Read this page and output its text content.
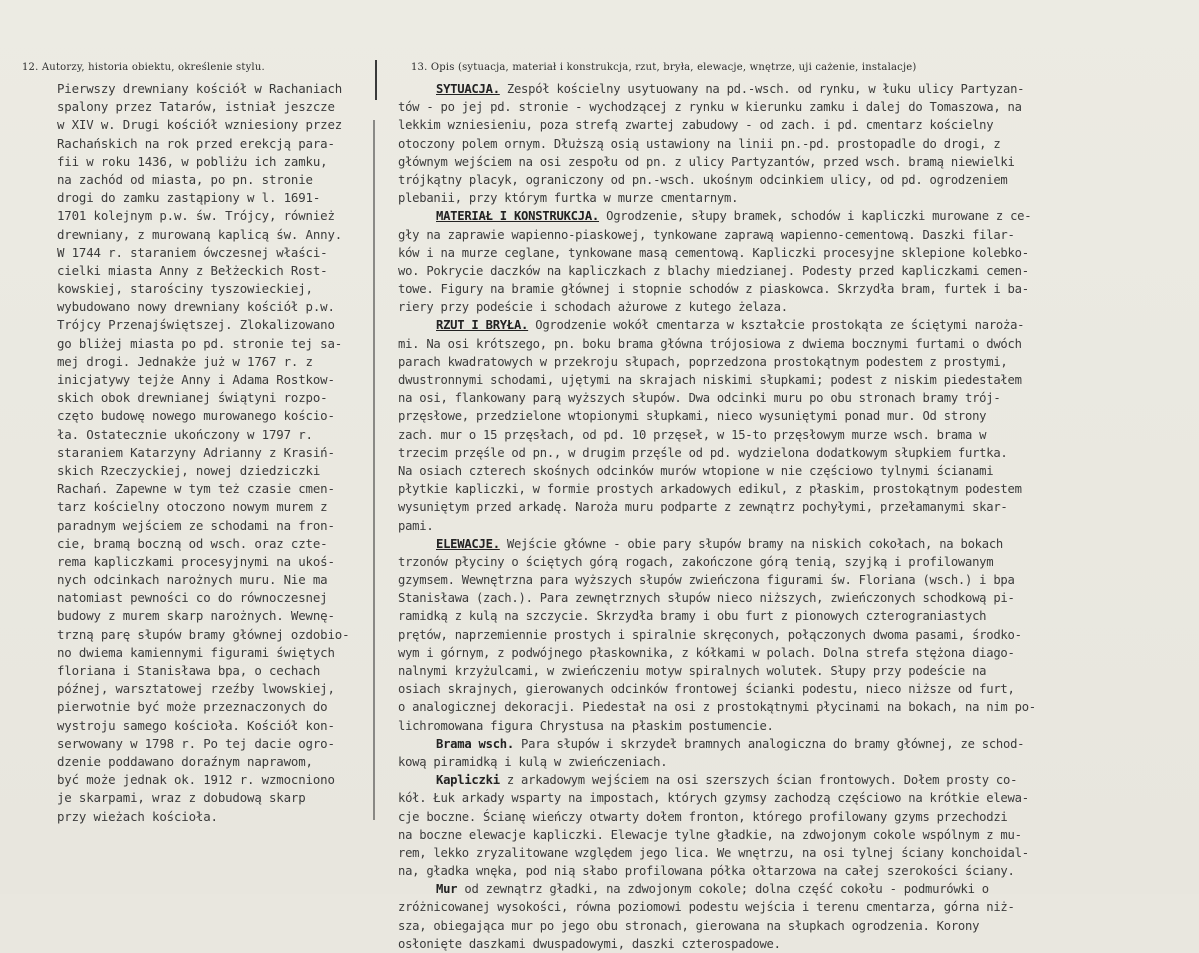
12. Autorzy, historia obiektu, określenie stylu.	13. Opis (sytuacja, materiał i konstrukcja, rzut, bryła, elewacje, wnętrze, uji cażenie, instalacje)
Pierwszy drewniany kościół w Rachaniach
spalony przez Tatarów, istniał jeszcze
w XIV w. Drugi kościół wzniesiony przez
Rachańskich na rok przed erekcją para-
fii w roku 1436, w pobliżu ich zamku,
na zachód od miasta, po pn. stronie
drogi do zamku zastąpiony w l. 1691-
1701 kolejnym p.w. św. Trójcy, również
drewniany, z murowaną kaplicą św. Anny.
W 1744 r. staraniem ówczesnej właści-
cielki miasta Anny z Bełżeckich Rost-
kowskiej, starościny tyszowieckiej,
wybudowano nowy drewniany kościół p.w.
Trójcy Przenajświętszej. Zlokalizowano
go bliżej miasta po pd. stronie tej sa-
mej drogi. Jednakże już w 1767 r. z
inicjatywy tejże Anny i Adama Rostkow-
skich obok drewnianej świątyni rozpo-
częto budowę nowego murowanego kościo-
ła. Ostatecznie ukończony w 1797 r.
staraniem Katarzyny Adrianny z Krasiń-
skich Rzeczyckiej, nowej dziedziczki
Rachań. Zapewne w tym też czasie cmen-
tarz kościelny otoczono nowym murem z
paradnym wejściem ze schodami na fron-
cie, bramą boczną od wsch. oraz czte-
rema kapliczkami procesyjnymi na ukoś-
nych odcinkach narożnych muru. Nie ma
natomiast pewności co do równoczesnej
budowy z murem skarp narożnych. Wewnę-
trzną parę słupów bramy głównej ozdobio-
no dwiema kamiennymi figurami świętych
floriana i Stanisława bpa, o cechach
późnej, warsztatowej rzeźby lwowskiej,
pierwotnie być może przeznaczonych do
wystroju samego kościoła. Kościół kon-
serwowany w 1798 r. Po tej dacie ogro-
dzenie poddawano doraźnym naprawom,
być może jednak ok. 1912 r. wzmocniono
je skarpami, wraz z dobudową skarp
przy wieżach kościoła.
SYTUACJA. Zespół kościelny usytuowany na pd.-wsch. od rynku, w łuku ulicy Partyzan-
tów - po jej pd. stronie - wychodzącej z rynku w kierunku zamku i dalej do Tomaszowa, na
lekkim wzniesieniu, poza strefą zwartej zabudowy - od zach. i pd. cmentarz kościelny
otoczony polem ornym. Dłuższą osią ustawiony na linii pn.-pd. prostopadle do drogi, z
głównym wejściem na osi zespołu od pn. z ulicy Partyzantów, przed wsch. bramą niewielki
trójkątny placyk, ograniczony od pn.-wsch. ukośnym odcinkiem ulicy, od pd. ogrodzeniem
plebanii, przy którym furtka w murze cmentarnym.
MATERIAŁ I KONSTRUKCJA. Ogrodzenie, słupy bramek, schodów i kapliczki murowane z ce-
gły na zaprawie wapienno-piaskowej, tynkowane zaprawą wapienno-cementową. Daszki filar-
ków i na murze ceglane, tynkowane masą cementową. Kapliczki procesyjne sklepione kolebko-
wo. Pokrycie daczków na kapliczkach z blachy miedzianej. Podesty przed kapliczkami cemen-
towe. Figury na bramie głównej i stopnie schodów z piaskowca. Skrzydła bram, furtek i ba-
riery przy podeście i schodach ażurowe z kutego żelaza.
RZUT I BRYŁA. Ogrodzenie wokół cmentarza w kształcie prostokąta ze ściętymi naroża-
mi. Na osi krótszego, pn. boku brama główna trójosiowa z dwiema bocznymi furtami o dwóch
parach kwadratowych w przekroju słupach, poprzedzona prostokątnym podestem z prostymi,
dwustronnymi schodami, ujętymi na skrajach niskimi słupkami; podest z niskim piedestałem
na osi, flankowany parą wyższych słupów. Dwa odcinki muru po obu stronach bramy trój-
przęsłowe, przedzielone wtopionymi słupkami, nieco wysuniętymi ponad mur. Od strony
zach. mur o 15 przęsłach, od pd. 10 przęseł, w 15-to przęsłowym murze wsch. brama w
trzecim przęśle od pn., w drugim przęśle od pd. wydzielona dodatkowym słupkiem furtka.
Na osiach czterech skośnych odcinków murów wtopione w nie częściowo tylnymi ścianami
płytkie kapliczki, w formie prostych arkadowych edikul, z płaskim, prostokątnym podestem
wysuniętym przed arkadę. Naroża muru podparte z zewnątrz pochyłymi, przełamanymi skar-
pami.
ELEWACJE. Wejście główne - obie pary słupów bramy na niskich cokołach, na bokach
trzonów płyciny o ściętych górą rogach, zakończone górą tenią, szyjką i profilowanym
gzymsem. Wewnętrzna para wyższych słupów zwieńczona figurami św. Floriana (wsch.) i bpa
Stanisława (zach.). Para zewnętrznych słupów nieco niższych, zwieńczonych schodkową pi-
ramidką z kulą na szczycie. Skrzydła bramy i obu furt z pionowych czterograniastych
prętów, naprzemiennie prostych i spiralnie skręconych, połączonych dwoma pasami, środko-
wym i górnym, z podwójnego płaskownika, z kółkami w polach. Dolna strefa stężona diago-
nalnymi krzyżulcami, w zwieńczeniu motyw spiralnych wolutek. Słupy przy podeście na
osiach skrajnych, gierowanych odcinków frontowej ścianki podestu, nieco niższe od furt,
o analogicznej dekoracji. Piedestał na osi z prostokątnymi płycinami na bokach, na nim po-
lichromowana figura Chrystusa na płaskim postumencie.
Brama wsch. Para słupów i skrzydeł bramnych analogiczna do bramy głównej, ze schod-
kową piramidką i kulą w zwieńczeniach.
Kapliczki z arkadowym wejściem na osi szerszych ścian frontowych. Dołem prosty co-
kół. Łuk arkady wsparty na impostach, których gzymsy zachodzą częściowo na krótkie elewa-
cje boczne. Ścianę wieńczy otwarty dołem fronton, którego profilowany gzyms przechodzi
na boczne elewacje kapliczki. Elewacje tylne gładkie, na zdwojonym cokole wspólnym z mu-
rem, lekko zryzalitowane względem jego lica. We wnętrzu, na osi tylnej ściany konchoidal-
na, gładka wnęka, pod nią słabo profilowana półka ołtarzowa na całej szerokości ściany.
Mur od zewnątrz gładki, na zdwojonym cokole; dolna część cokołu - podmurówki o
zróżnicowanej wysokości, równa poziomowi podestu wejścia i terenu cmentarza, górna niż-
sza, obiegająca mur po jego obu stronach, gierowana na słupkach ogrodzenia. Korony
osłonięte daszkami dwuspadowymi, daszki czterospadowe.
